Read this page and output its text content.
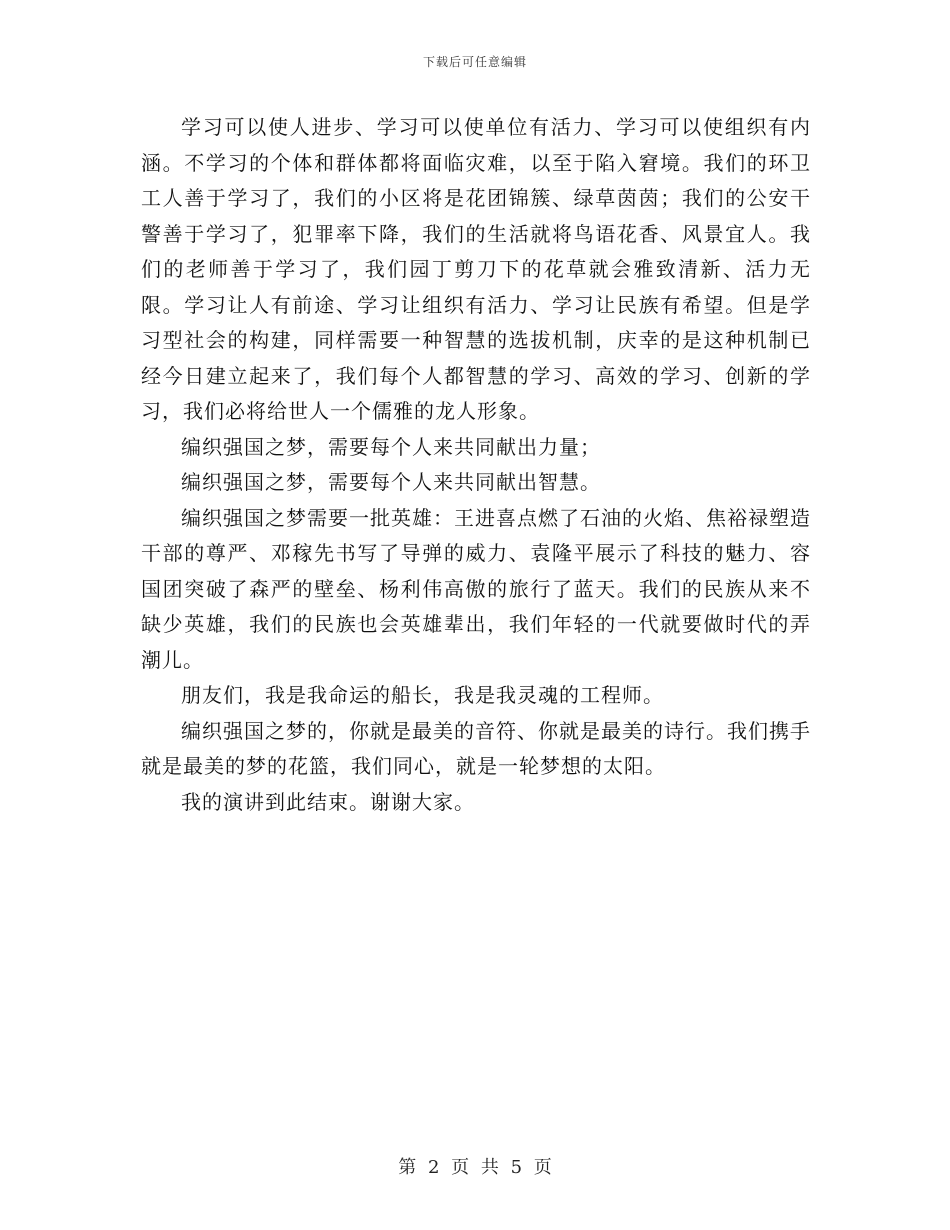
下载后可任意编辑

学习可以使人进步、学习可以使单位有活力、学习可以使组织有内涵。不学习的个体和群体都将面临灾难，以至于陷入窘境。我们的环卫工人善于学习了，我们的小区将是花团锦簇、绿草茵茵；我们的公安干警善于学习了，犯罪率下降，我们的生活就将鸟语花香、风景宜人。我们的老师善于学习了，我们园丁剪刀下的花草就会雅致清新、活力无限。学习让人有前途、学习让组织有活力、学习让民族有希望。但是学习型社会的构建，同样需要一种智慧的选拔机制，庆幸的是这种机制已经今日建立起来了，我们每个人都智慧的学习、高效的学习、创新的学习，我们必将给世人一个儒雅的龙人形象。

编织强国之梦，需要每个人来共同献出力量；

编织强国之梦，需要每个人来共同献出智慧。

编织强国之梦需要一批英雄：王进喜点燃了石油的火焰、焦裕禄塑造干部的尊严、邓稼先书写了导弹的威力、袁隆平展示了科技的魅力、容国团突破了森严的壁垒、杨利伟高傲的旅行了蓝天。我们的民族从来不缺少英雄，我们的民族也会英雄辈出，我们年轻的一代就要做时代的弄潮儿。

朋友们，我是我命运的船长，我是我灵魂的工程师。

编织强国之梦的，你就是最美的音符、你就是最美的诗行。我们携手就是最美的梦的花篮，我们同心，就是一轮梦想的太阳。

我的演讲到此结束。谢谢大家。

第 2 页 共 5 页
